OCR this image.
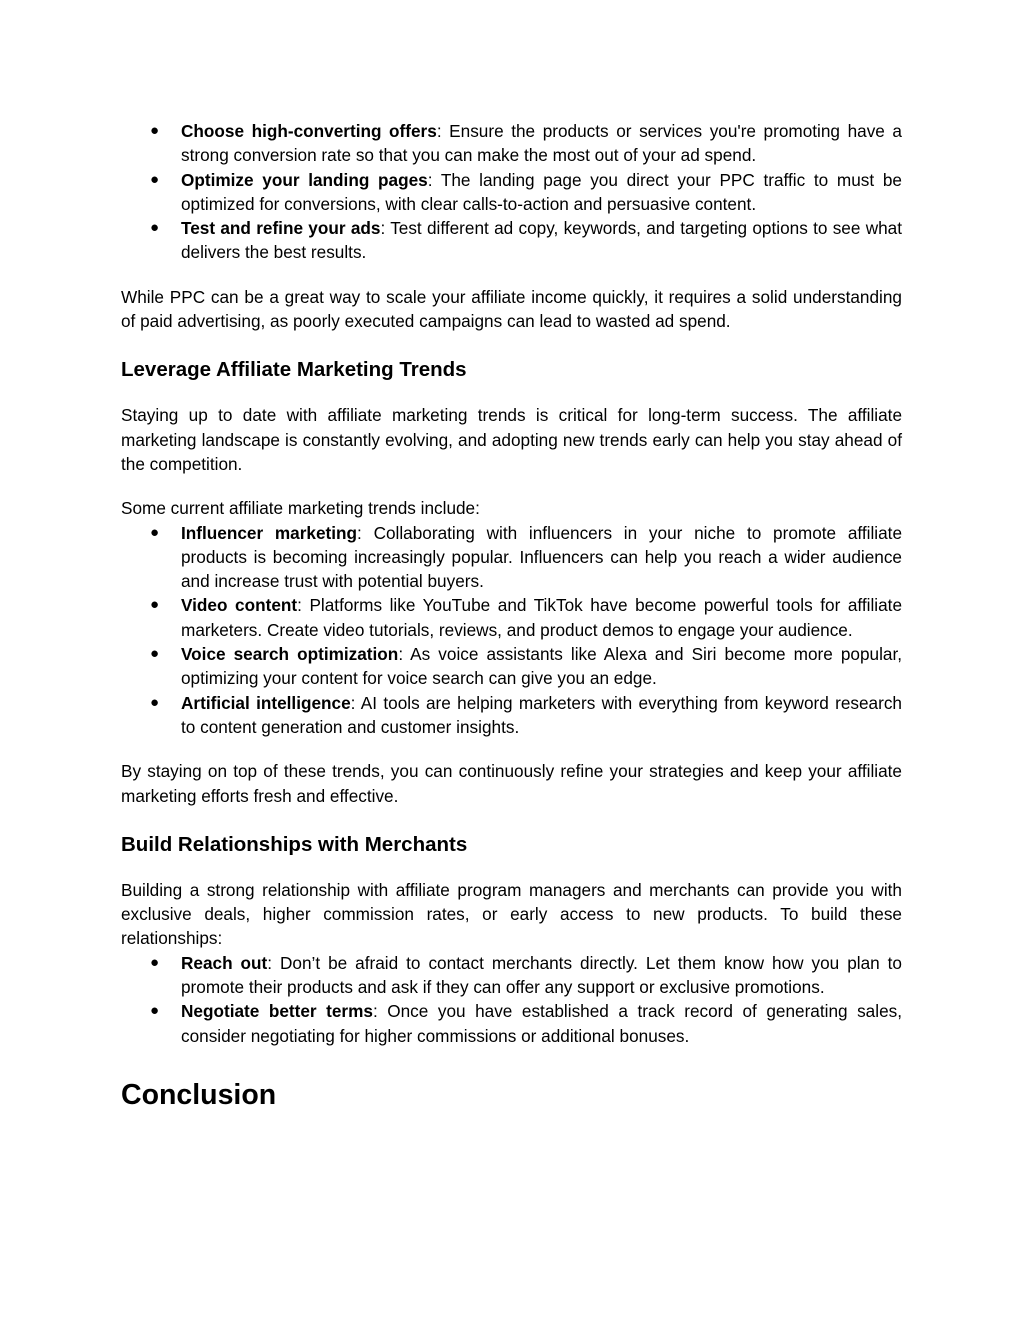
● Choose high-converting offers: Ensure the products or services you're promoting have a strong conversion rate so that you can make the most out of your ad spend.
● Optimize your landing pages: The landing page you direct your PPC traffic to must be optimized for conversions, with clear calls-to-action and persuasive content.
● Test and refine your ads: Test different ad copy, keywords, and targeting options to see what delivers the best results.

While PPC can be a great way to scale your affiliate income quickly, it requires a solid understanding of paid advertising, as poorly executed campaigns can lead to wasted ad spend.

Leverage Affiliate Marketing Trends

Staying up to date with affiliate marketing trends is critical for long-term success. The affiliate marketing landscape is constantly evolving, and adopting new trends early can help you stay ahead of the competition.

Some current affiliate marketing trends include:

● Influencer marketing: Collaborating with influencers in your niche to promote affiliate products is becoming increasingly popular. Influencers can help you reach a wider audience and increase trust with potential buyers.
● Video content: Platforms like YouTube and TikTok have become powerful tools for affiliate marketers. Create video tutorials, reviews, and product demos to engage your audience.
● Voice search optimization: As voice assistants like Alexa and Siri become more popular, optimizing your content for voice search can give you an edge.
● Artificial intelligence: AI tools are helping marketers with everything from keyword research to content generation and customer insights.

By staying on top of these trends, you can continuously refine your strategies and keep your affiliate marketing efforts fresh and effective.

Build Relationships with Merchants

Building a strong relationship with affiliate program managers and merchants can provide you with exclusive deals, higher commission rates, or early access to new products. To build these relationships:

● Reach out: Don’t be afraid to contact merchants directly. Let them know how you plan to promote their products and ask if they can offer any support or exclusive promotions.
● Negotiate better terms: Once you have established a track record of generating sales, consider negotiating for higher commissions or additional bonuses.
Conclusion
